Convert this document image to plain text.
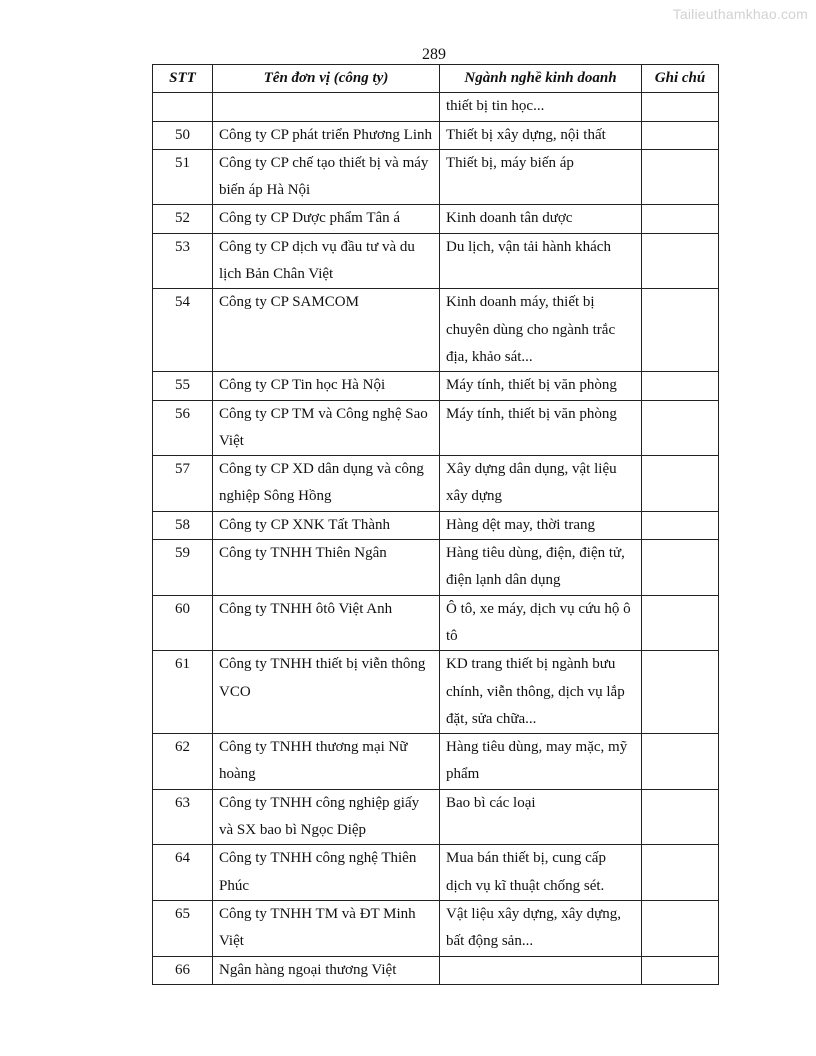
Tailieuthamkhao.com
289
STT	Tên đơn vị (công ty)	Ngành nghề kinh doanh	Ghi chú
		thiết bị tin học...	
50	Công ty CP phát triển Phương Linh	Thiết bị xây dựng, nội thất	
51	Công ty CP chế tạo thiết bị và máy biến áp Hà Nội	Thiết bị, máy biến áp	
52	Công ty CP Dược phẩm Tân á	Kinh doanh tân dược	
53	Công ty CP dịch vụ đầu tư và du lịch Bản Chân Việt	Du lịch, vận tải hành khách	
54	Công ty CP SAMCOM	Kinh doanh máy, thiết bị chuyên dùng cho ngành trắc địa, khảo sát...	
55	Công ty CP Tin học Hà Nội	Máy tính, thiết bị văn phòng	
56	Công ty CP TM và Công nghệ Sao Việt	Máy tính, thiết bị văn phòng	
57	Công ty CP XD dân dụng và công nghiệp Sông Hồng	Xây dựng dân dụng, vật liệu xây dựng	
58	Công ty CP XNK Tất Thành	Hàng dệt may, thời trang	
59	Công ty TNHH Thiên Ngân	Hàng tiêu dùng, điện, điện tử, điện lạnh dân dụng	
60	Công ty TNHH ôtô Việt Anh	Ô tô, xe máy, dịch vụ cứu hộ ô tô	
61	Công ty TNHH thiết bị viễn thông VCO	KD trang thiết bị ngành bưu chính, viễn thông, dịch vụ lắp đặt, sửa chữa...	
62	Công ty TNHH thương mại Nữ hoàng	Hàng tiêu dùng, may mặc, mỹ phẩm	
63	Công ty TNHH công nghiệp giấy và SX bao bì Ngọc Diệp	Bao bì các loại	
64	Công ty TNHH công nghệ Thiên Phúc	Mua bán thiết bị, cung cấp dịch vụ kĩ thuật chống sét.	
65	Công ty TNHH TM và ĐT Minh Việt	Vật liệu xây dựng, xây dựng, bất động sản...	
66	Ngân hàng ngoại thương Việt		
